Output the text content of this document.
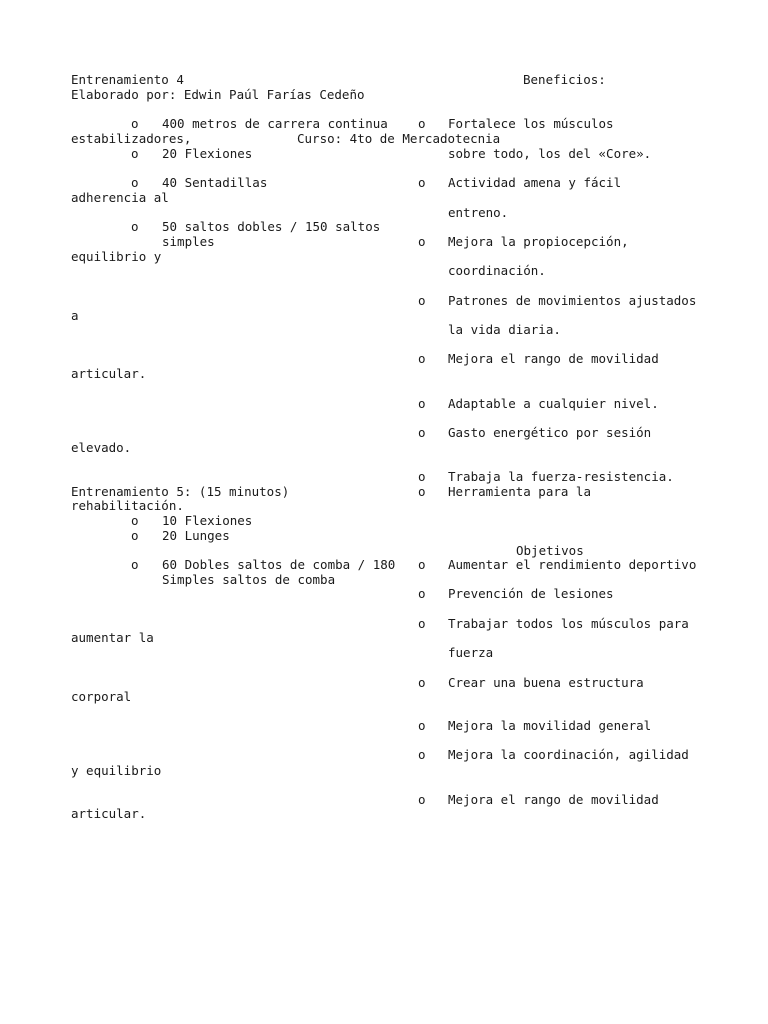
Entrenamiento 4	Beneficios:
Elaborado por: Edwin Paúl Farías Cedeño
o 400 metros de carrera continua o Fortalece los músculos
estabilizadores,	Curso: 4to de Mercadotecnia
o 20 Flexiones	sobre todo, los del «Core».
o 40 Sentadillas	o Actividad amena y fácil
adherencia al
entreno.
o 50 saltos dobles / 150 saltos
simples	o Mejora la propiocepción,
equilibrio y
coordinación.
o Patrones de movimientos ajustados
a
la vida diaria.
o Mejora el rango de movilidad
articular.
o Adaptable a cualquier nivel.
o Gasto energético por sesión
elevado.
o Trabaja la fuerza-resistencia.
Entrenamiento 5: (15 minutos)	o Herramienta para la
rehabilitación.
o 10 Flexiones
o 20 Lunges
Objetivos
o 60 Dobles saltos de comba / 180
Simples saltos de comba
o Aumentar el rendimiento deportivo
o Prevención de lesiones
o Trabajar todos los músculos para
aumentar la
fuerza
o Crear una buena estructura
corporal
o Mejora la movilidad general
o Mejora la coordinación, agilidad
y equilibrio
o Mejora el rango de movilidad
articular.
